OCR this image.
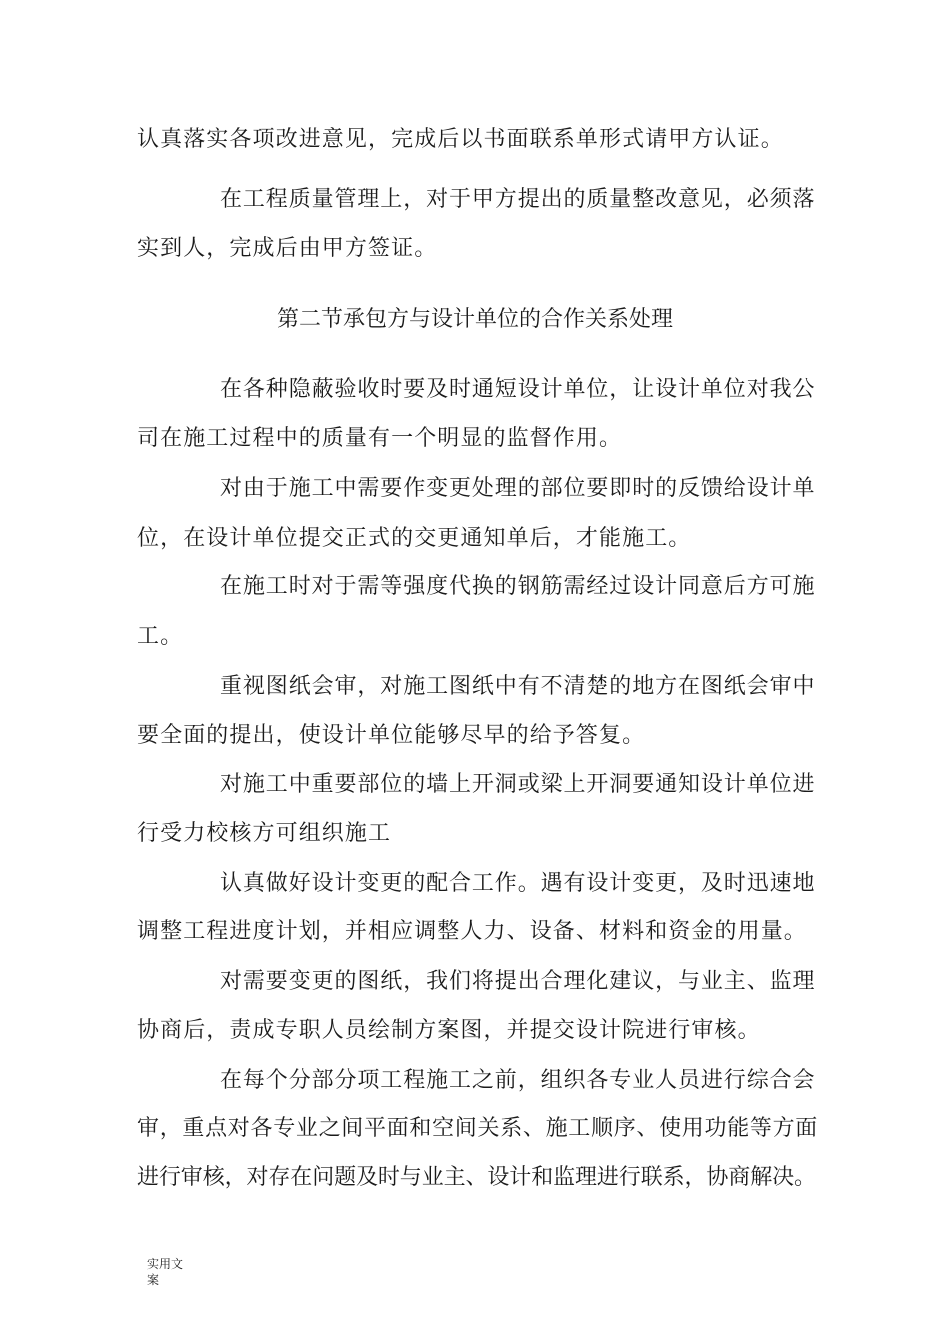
认真落实各项改进意见，完成后以书面联系单形式请甲方认证。

在工程质量管理上，对于甲方提出的质量整改意见，必须落

实到人，完成后由甲方签证。

第二节承包方与设计单位的合作关系处理

在各种隐蔽验收时要及时通短设计单位，让设计单位对我公

司在施工过程中的质量有一个明显的监督作用。

对由于施工中需要作变更处理的部位要即时的反馈给设计单

位，在设计单位提交正式的交更通知单后，才能施工。

在施工时对于需等强度代换的钢筋需经过设计同意后方可施

工。

重视图纸会审，对施工图纸中有不清楚的地方在图纸会审中

要全面的提出，使设计单位能够尽早的给予答复。

对施工中重要部位的墙上开洞或梁上开洞要通知设计单位进

行受力校核方可组织施工

认真做好设计变更的配合工作。遇有设计变更，及时迅速地

调整工程进度计划，并相应调整人力、设备、材料和资金的用量。

对需要变更的图纸，我们将提出合理化建议，与业主、监理

协商后，责成专职人员绘制方案图，并提交设计院进行审核。

在每个分部分项工程施工之前，组织各专业人员进行综合会

审，重点对各专业之间平面和空间关系、施工顺序、使用功能等方面

进行审核，对存在问题及时与业主、设计和监理进行联系，协商解决。

实用文

案
